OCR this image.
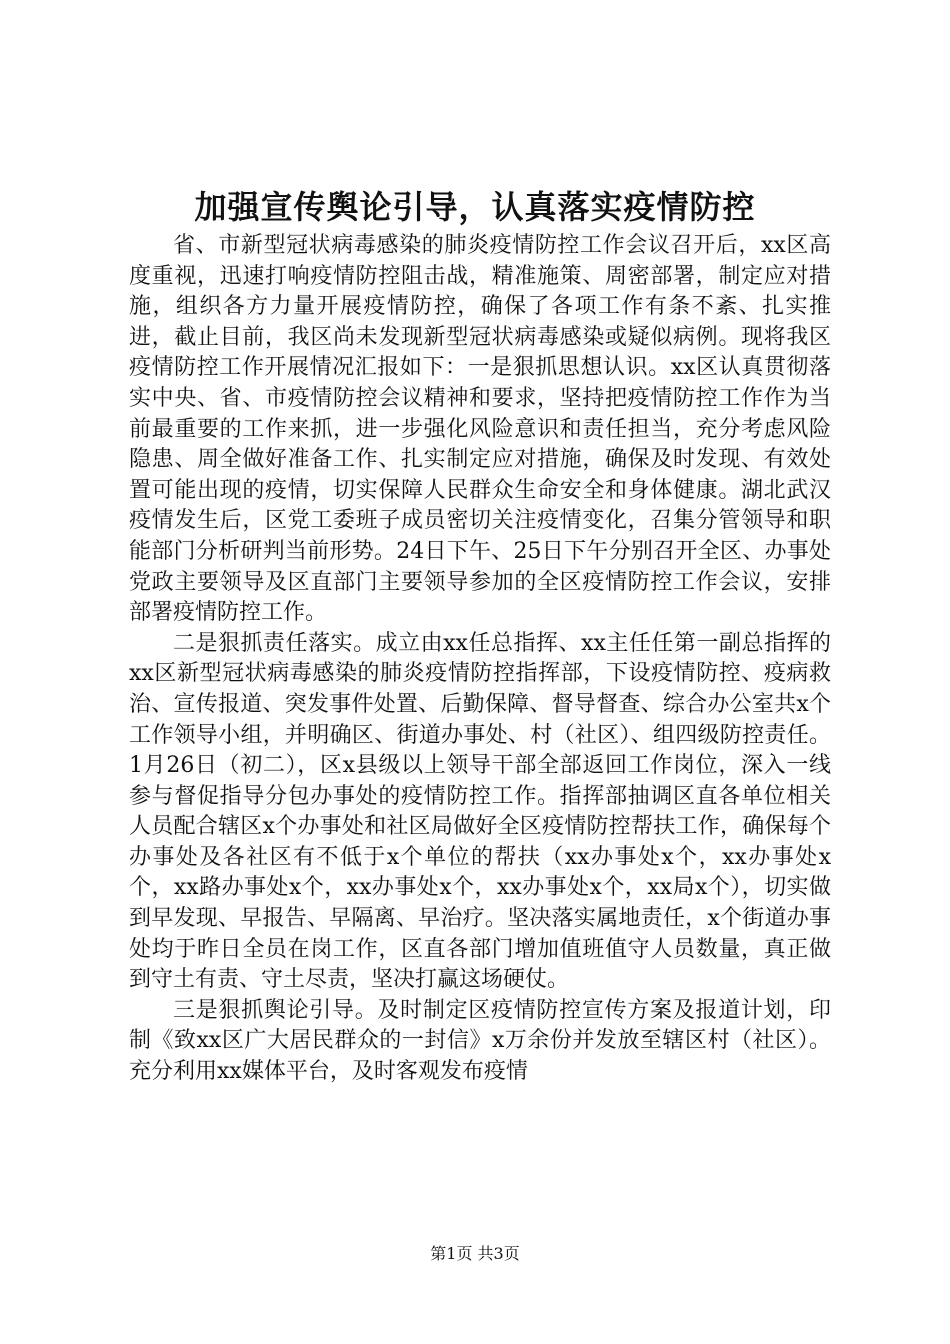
加强宣传舆论引导，认真落实疫情防控

省、市新型冠状病毒感染的肺炎疫情防控工作会议召开后，xx区高度重视，迅速打响疫情防控阻击战，精准施策、周密部署，制定应对措施，组织各方力量开展疫情防控，确保了各项工作有条不紊、扎实推进，截止目前，我区尚未发现新型冠状病毒感染或疑似病例。现将我区疫情防控工作开展情况汇报如下：一是狠抓思想认识。xx区认真贯彻落实中央、省、市疫情防控会议精神和要求，坚持把疫情防控工作作为当前最重要的工作来抓，进一步强化风险意识和责任担当，充分考虑风险隐患、周全做好准备工作、扎实制定应对措施，确保及时发现、有效处置可能出现的疫情，切实保障人民群众生命安全和身体健康。湖北武汉疫情发生后，区党工委班子成员密切关注疫情变化，召集分管领导和职能部门分析研判当前形势。24日下午、25日下午分别召开全区、办事处党政主要领导及区直部门主要领导参加的全区疫情防控工作会议，安排部署疫情防控工作。

二是狠抓责任落实。成立由xx任总指挥、xx主任任第一副总指挥的xx区新型冠状病毒感染的肺炎疫情防控指挥部，下设疫情防控、疫病救治、宣传报道、突发事件处置、后勤保障、督导督查、综合办公室共x个工作领导小组，并明确区、街道办事处、村（社区）、组四级防控责任。1月26日（初二），区x县级以上领导干部全部返回工作岗位，深入一线参与督促指导分包办事处的疫情防控工作。指挥部抽调区直各单位相关人员配合辖区x个办事处和社区局做好全区疫情防控帮扶工作，确保每个办事处及各社区有不低于x个单位的帮扶（xx办事处x个，xx办事处x个，xx路办事处x个，xx办事处x个，xx办事处x个，xx局x个），切实做到早发现、早报告、早隔离、早治疗。坚决落实属地责任，x个街道办事处均于昨日全员在岗工作，区直各部门增加值班值守人员数量，真正做到守土有责、守土尽责，坚决打赢这场硬仗。

三是狠抓舆论引导。及时制定区疫情防控宣传方案及报道计划，印制《致xx区广大居民群众的一封信》x万余份并发放至辖区村（社区）。充分利用xx媒体平台，及时客观发布疫情

第1页 共3页
